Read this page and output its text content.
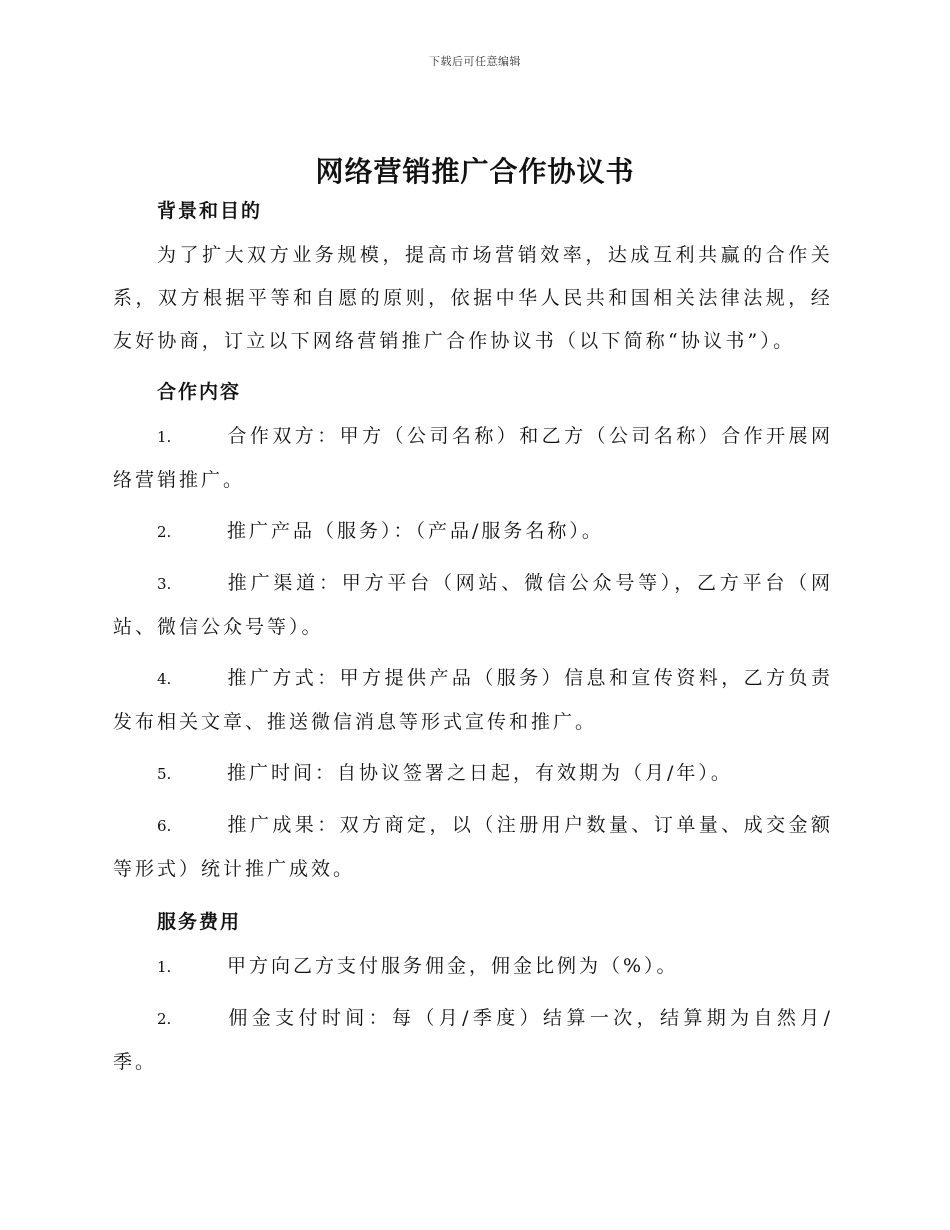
下载后可任意编辑
网络营销推广合作协议书
背景和目的

为了扩大双方业务规模，提高市场营销效率，达成互利共赢的合作关系，双方根据平等和自愿的原则，依据中华人民共和国相关法律法规，经友好协商，订立以下网络营销推广合作协议书（以下简称“协议书”）。

合作内容

1.	合作双方：甲方（公司名称）和乙方（公司名称）合作开展网络营销推广。

2.	推广产品（服务）：（产品/服务名称）。

3.	推广渠道：甲方平台（网站、微信公众号等），乙方平台（网站、微信公众号等）。

4.	推广方式：甲方提供产品（服务）信息和宣传资料，乙方负责发布相关文章、推送微信消息等形式宣传和推广。

5.	推广时间：自协议签署之日起，有效期为（月/年）。

6.	推广成果：双方商定，以（注册用户数量、订单量、成交金额等形式）统计推广成效。

服务费用

1.	甲方向乙方支付服务佣金，佣金比例为（%）。

2.	佣金支付时间：每（月/季度）结算一次，结算期为自然月/季。
